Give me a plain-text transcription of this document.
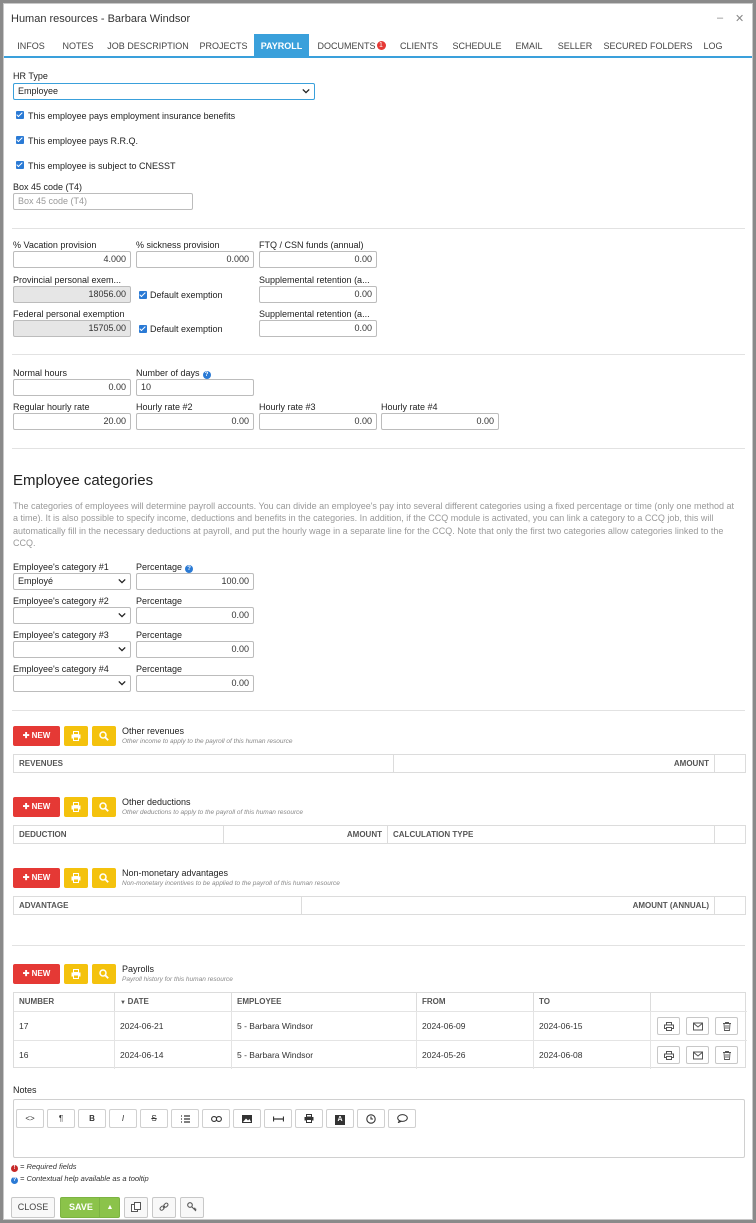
Human resources - Barbara Windsor	– ✕
INFOS	NOTES	JOB DESCRIPTION	PROJECTS	PAYROLL	DOCUMENTS 1	CLIENTS	SCHEDULE	EMAIL	SELLER	SECURED FOLDERS	LOG
HR Type
Employee
This employee pays employment insurance benefits
This employee pays R.R.Q.
This employee is subject to CNESST
Box 45 code (T4)
Box 45 code (T4)
% Vacation provision
4.000
% sickness provision
0.000
FTQ / CSN funds (annual)
0.00
Provincial personal exem...
18056.00	Default exemption
Supplemental retention (a...
0.00
Federal personal exemption
15705.00	Default exemption
Supplemental retention (a...
0.00
Normal hours
0.00
Number of days ?
10
Regular hourly rate
20.00
Hourly rate #2
0.00
Hourly rate #3
0.00
Hourly rate #4
0.00
Employee categories
The categories of employees will determine payroll accounts. You can divide an employee's pay into several different categories using a fixed percentage or time (only one method at a time). It is also possible to specify income, deductions and benefits in the categories. In addition, if the CCQ module is activated, you can link a category to a CCQ job, this will automatically fill in the necessary deductions at payroll, and put the hourly wage in a separate line for the CCQ. Note that only the first two categories allow categories linked to the CCQ.
Employee's category #1
Employé
Percentage ?
100.00
Employee's category #2	Percentage
0.00
Employee's category #3	Percentage
0.00
Employee's category #4	Percentage
0.00
✚ NEW	Other revenues
Other income to apply to the payroll of this human resource
REVENUES	AMOUNT
✚ NEW	Other deductions
Other deductions to apply to the payroll of this human resource
DEDUCTION	AMOUNT	CALCULATION TYPE
✚ NEW	Non-monetary advantages
Non-monetary incentives to be applied to the payroll of this human resource
ADVANTAGE	AMOUNT (ANNUAL)
✚ NEW	Payrolls
Payroll history for this human resource
NUMBER	▼ DATE	EMPLOYEE	FROM	TO
17	2024-06-21	5 - Barbara Windsor	2024-06-09	2024-06-15
16	2024-06-14	5 - Barbara Windsor	2024-05-26	2024-06-08
Notes
<>	¶	B	I	S	A
! = Required fields
? = Contextual help available as a tooltip
CLOSE	SAVE	▲
